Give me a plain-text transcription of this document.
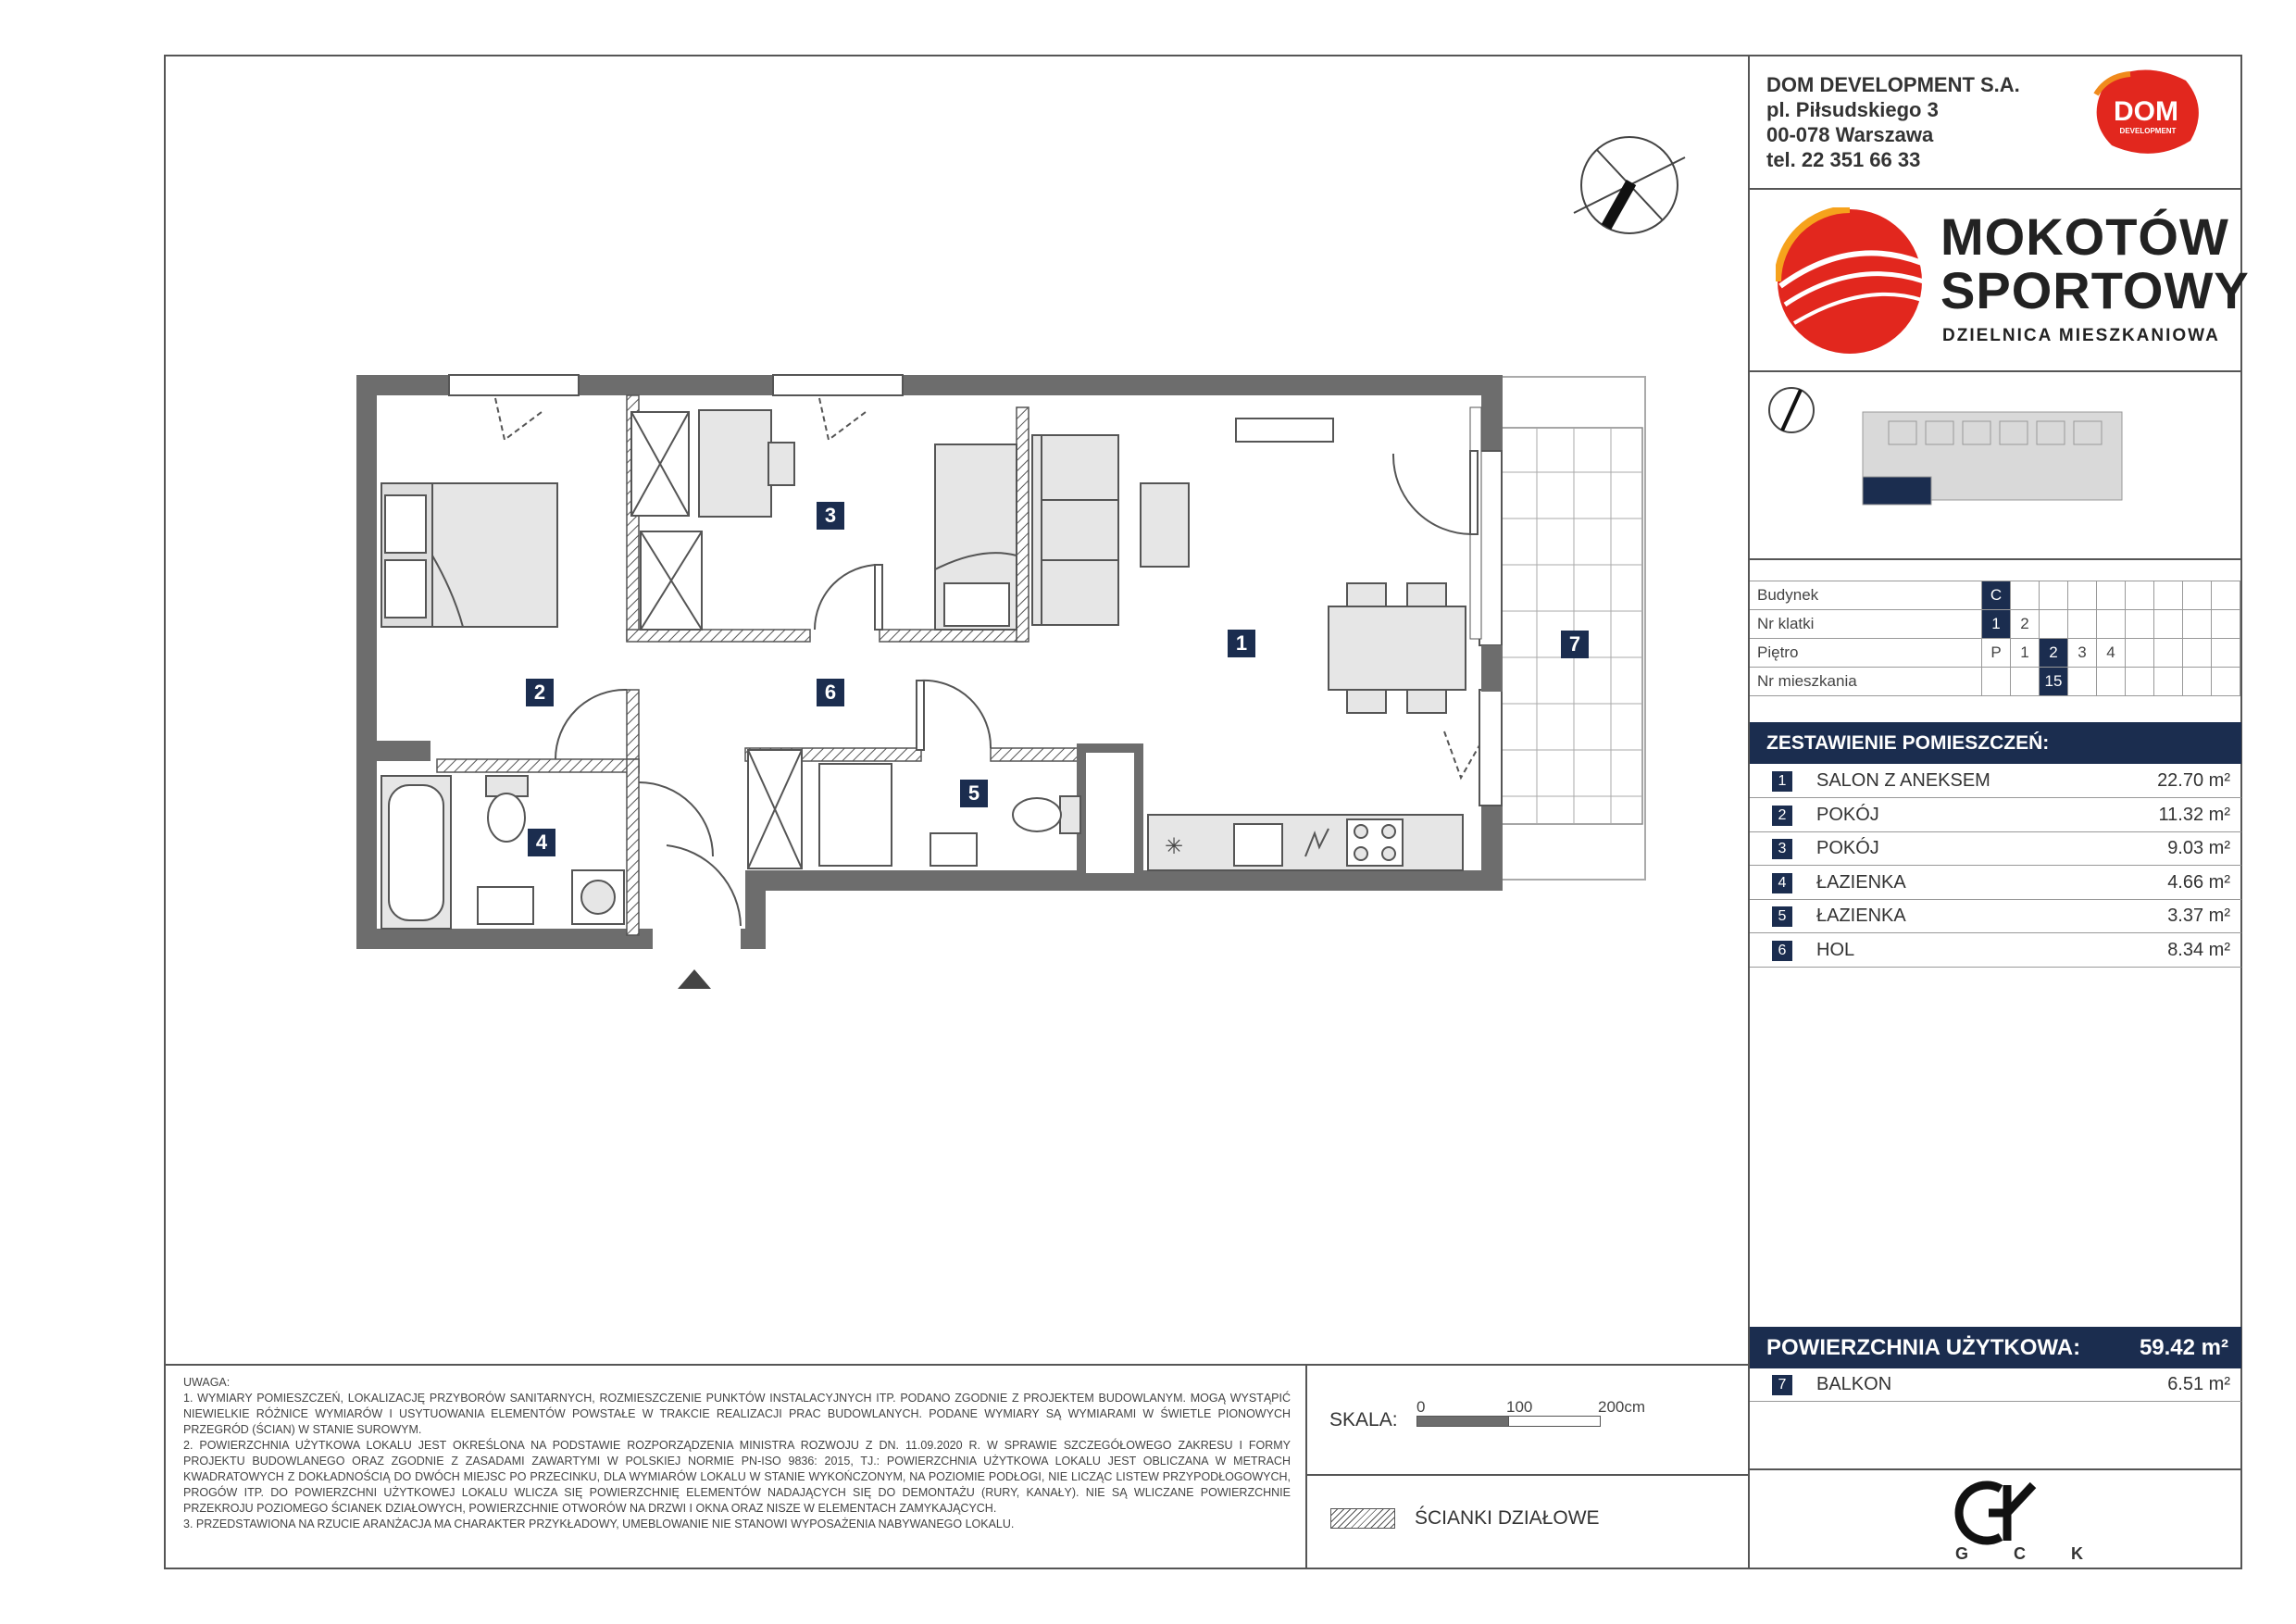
✳
1
2
3
4
5
6
7
DOM DEVELOPMENT S.A.
pl. Piłsudskiego 3
00-078 Warszawa
tel. 22 351 66 33
DOM
DEVELOPMENT
MOKOTÓW
SPORTOWY
DZIELNICA MIESZKANIOWA
Budynek	C								
Nr klatki	1	2							
Piętro	P	1	2	3	4				
Nr mieszkania			15						
ZESTAWIENIE POMIESZCZEŃ:
1	SALON Z ANEKSEM	22.70 m²
2	POKÓJ	11.32 m²
3	POKÓJ	9.03 m²
4	ŁAZIENKA	4.66 m²
5	ŁAZIENKA	3.37 m²
6	HOL	8.34 m²
POWIERZCHNIA UŻYTKOWA:	59.42 m²
7	BALKON	6.51 m²

UWAGA:

1. WYMIARY POMIESZCZEŃ, LOKALIZACJĘ PRZYBORÓW SANITARNYCH, ROZMIESZCZENIE PUNKTÓW INSTALACYJNYCH ITP. PODANO ZGODNIE Z PROJEKTEM BUDOWLANYM. MOGĄ WYSTĄPIĆ NIEWIELKIE RÓŻNICE WYMIARÓW I USYTUOWANIA ELEMENTÓW POWSTAŁE W TRAKCIE REALIZACJI PRAC BUDOWLANYCH. PODANE WYMIARY SĄ WYMIARAMI W ŚWIETLE PIONOWYCH PRZEGRÓD (ŚCIAN) W STANIE SUROWYM.

2. POWIERZCHNIA UŻYTKOWA LOKALU JEST OKREŚLONA NA PODSTAWIE ROZPORZĄDZENIA MINISTRA ROZWOJU Z DN. 11.09.2020 R. W SPRAWIE SZCZEGÓŁOWEGO ZAKRESU I FORMY PROJEKTU BUDOWLANEGO ORAZ ZGODNIE Z ZASADAMI ZAWARTYMI W POLSKIEJ NORMIE PN-ISO 9836: 2015, TJ.: POWIERZCHNIA UŻYTKOWA LOKALU JEST OBLICZANA W METRACH KWADRATOWYCH Z DOKŁADNOŚCIĄ DO DWÓCH MIEJSC PO PRZECINKU, DLA WYMIARÓW LOKALU W STANIE WYKOŃCZONYM, NA POZIOMIE PODŁOGI, NIE LICZĄC LISTEW PRZYPODŁOGOWYCH, PROGÓW ITP. DO POWIERZCHNI UŻYTKOWEJ LOKALU WLICZA SIĘ POWIERZCHNIĘ ELEMENTÓW NADAJĄCYCH SIĘ DO DEMONTAŻU (RURY, KANAŁY). NIE SĄ WLICZANE POWIERZCHNIE PRZEKROJU POZIOMEGO ŚCIANEK DZIAŁOWYCH, POWIERZCHNIE OTWORÓW NA DRZWI I OKNA ORAZ NISZE W ELEMENTACH ZAMYKAJĄCYCH.

3. PRZEDSTAWIONA NA RZUCIE ARANŻACJA MA CHARAKTER PRZYKŁADOWY, UMEBLOWANIE NIE STANOWI WYPOSAŻENIA NABYWANEGO LOKALU.

SKALA:
0	100	200cm
ŚCIANKI DZIAŁOWE
G C K
